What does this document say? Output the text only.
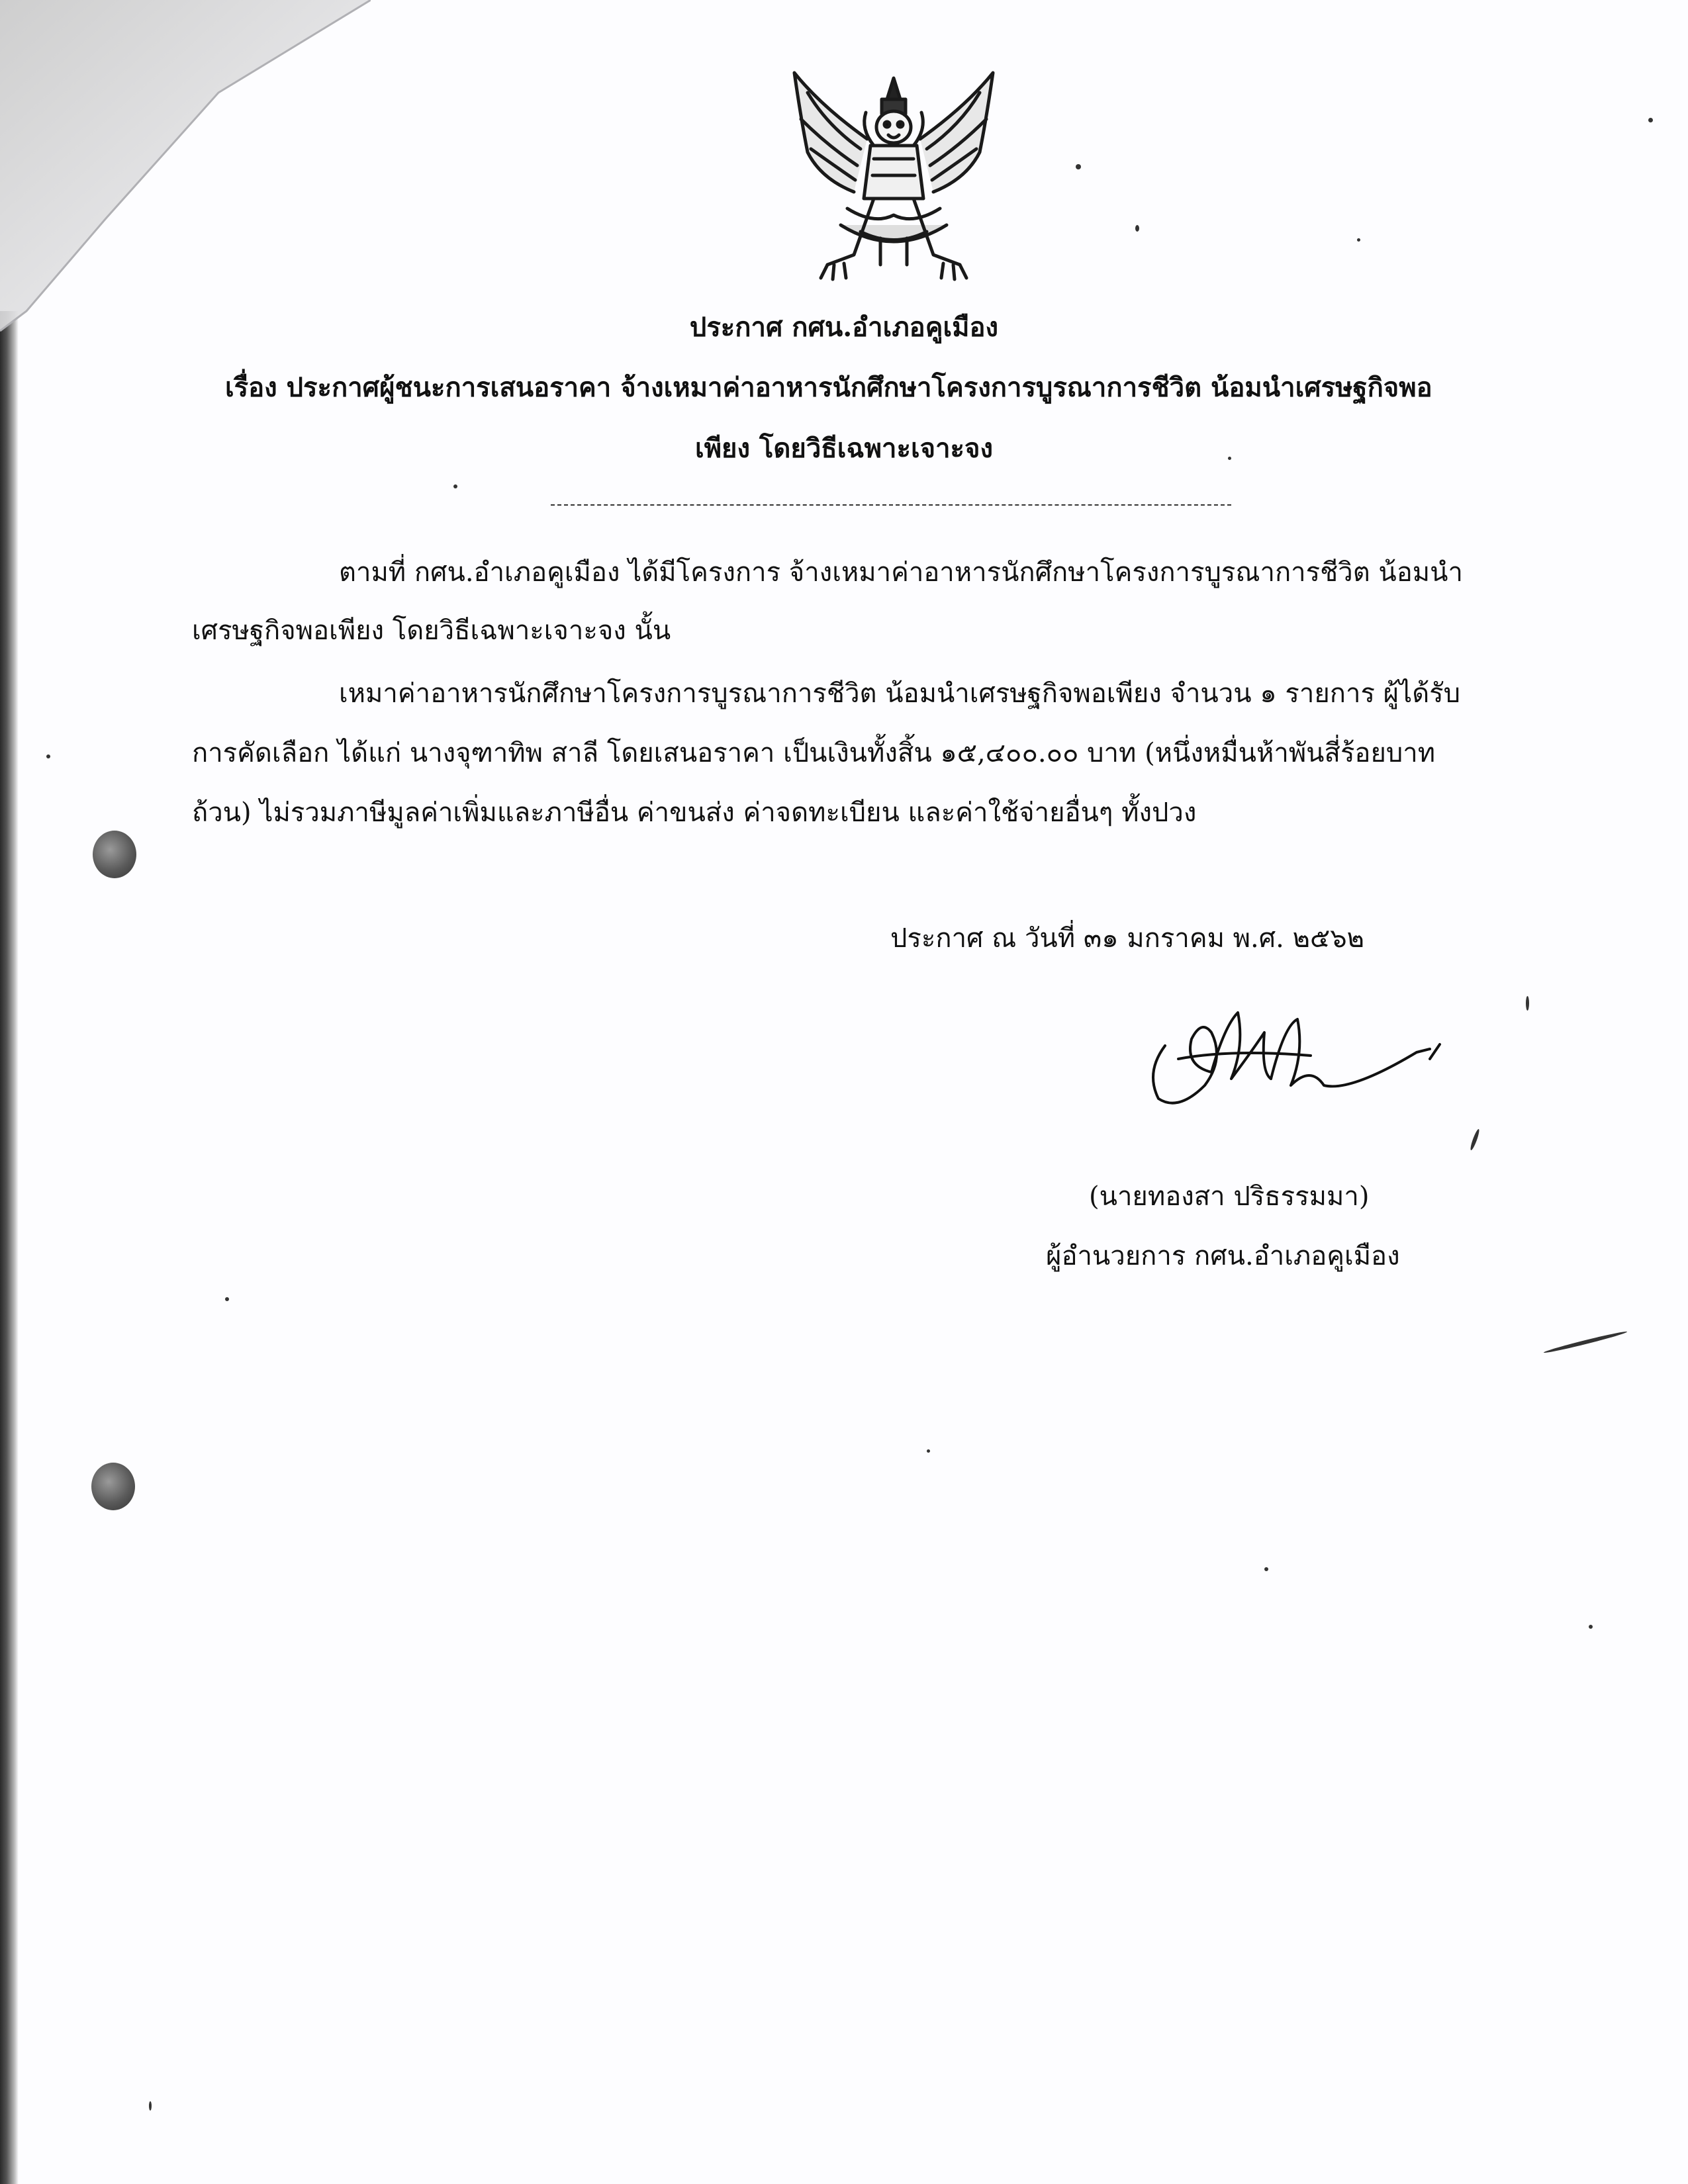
ประกาศ กศน.อำเภอคูเมือง
เรื่อง ประกาศผู้ชนะการเสนอราคา จ้างเหมาค่าอาหารนักศึกษาโครงการบูรณาการชีวิต น้อมนำเศรษฐกิจพอ
เพียง โดยวิธีเฉพาะเจาะจง
ตามที่ กศน.อำเภอคูเมือง ได้มีโครงการ จ้างเหมาค่าอาหารนักศึกษาโครงการบูรณาการชีวิต น้อมนำ
เศรษฐกิจพอเพียง โดยวิธีเฉพาะเจาะจง นั้น
เหมาค่าอาหารนักศึกษาโครงการบูรณาการชีวิต น้อมนำเศรษฐกิจพอเพียง จำนวน ๑ รายการ ผู้ได้รับ
การคัดเลือก ได้แก่ นางจุฑาทิพ สาลี โดยเสนอราคา เป็นเงินทั้งสิ้น ๑๕,๔๐๐.๐๐ บาท (หนึ่งหมื่นห้าพันสี่ร้อยบาท
ถ้วน) ไม่รวมภาษีมูลค่าเพิ่มและภาษีอื่น ค่าขนส่ง ค่าจดทะเบียน และค่าใช้จ่ายอื่นๆ ทั้งปวง
ประกาศ ณ วันที่ ๓๑ มกราคม พ.ศ. ๒๕๖๒
(นายทองสา ปริธรรมมา)
ผู้อำนวยการ กศน.อำเภอคูเมือง
